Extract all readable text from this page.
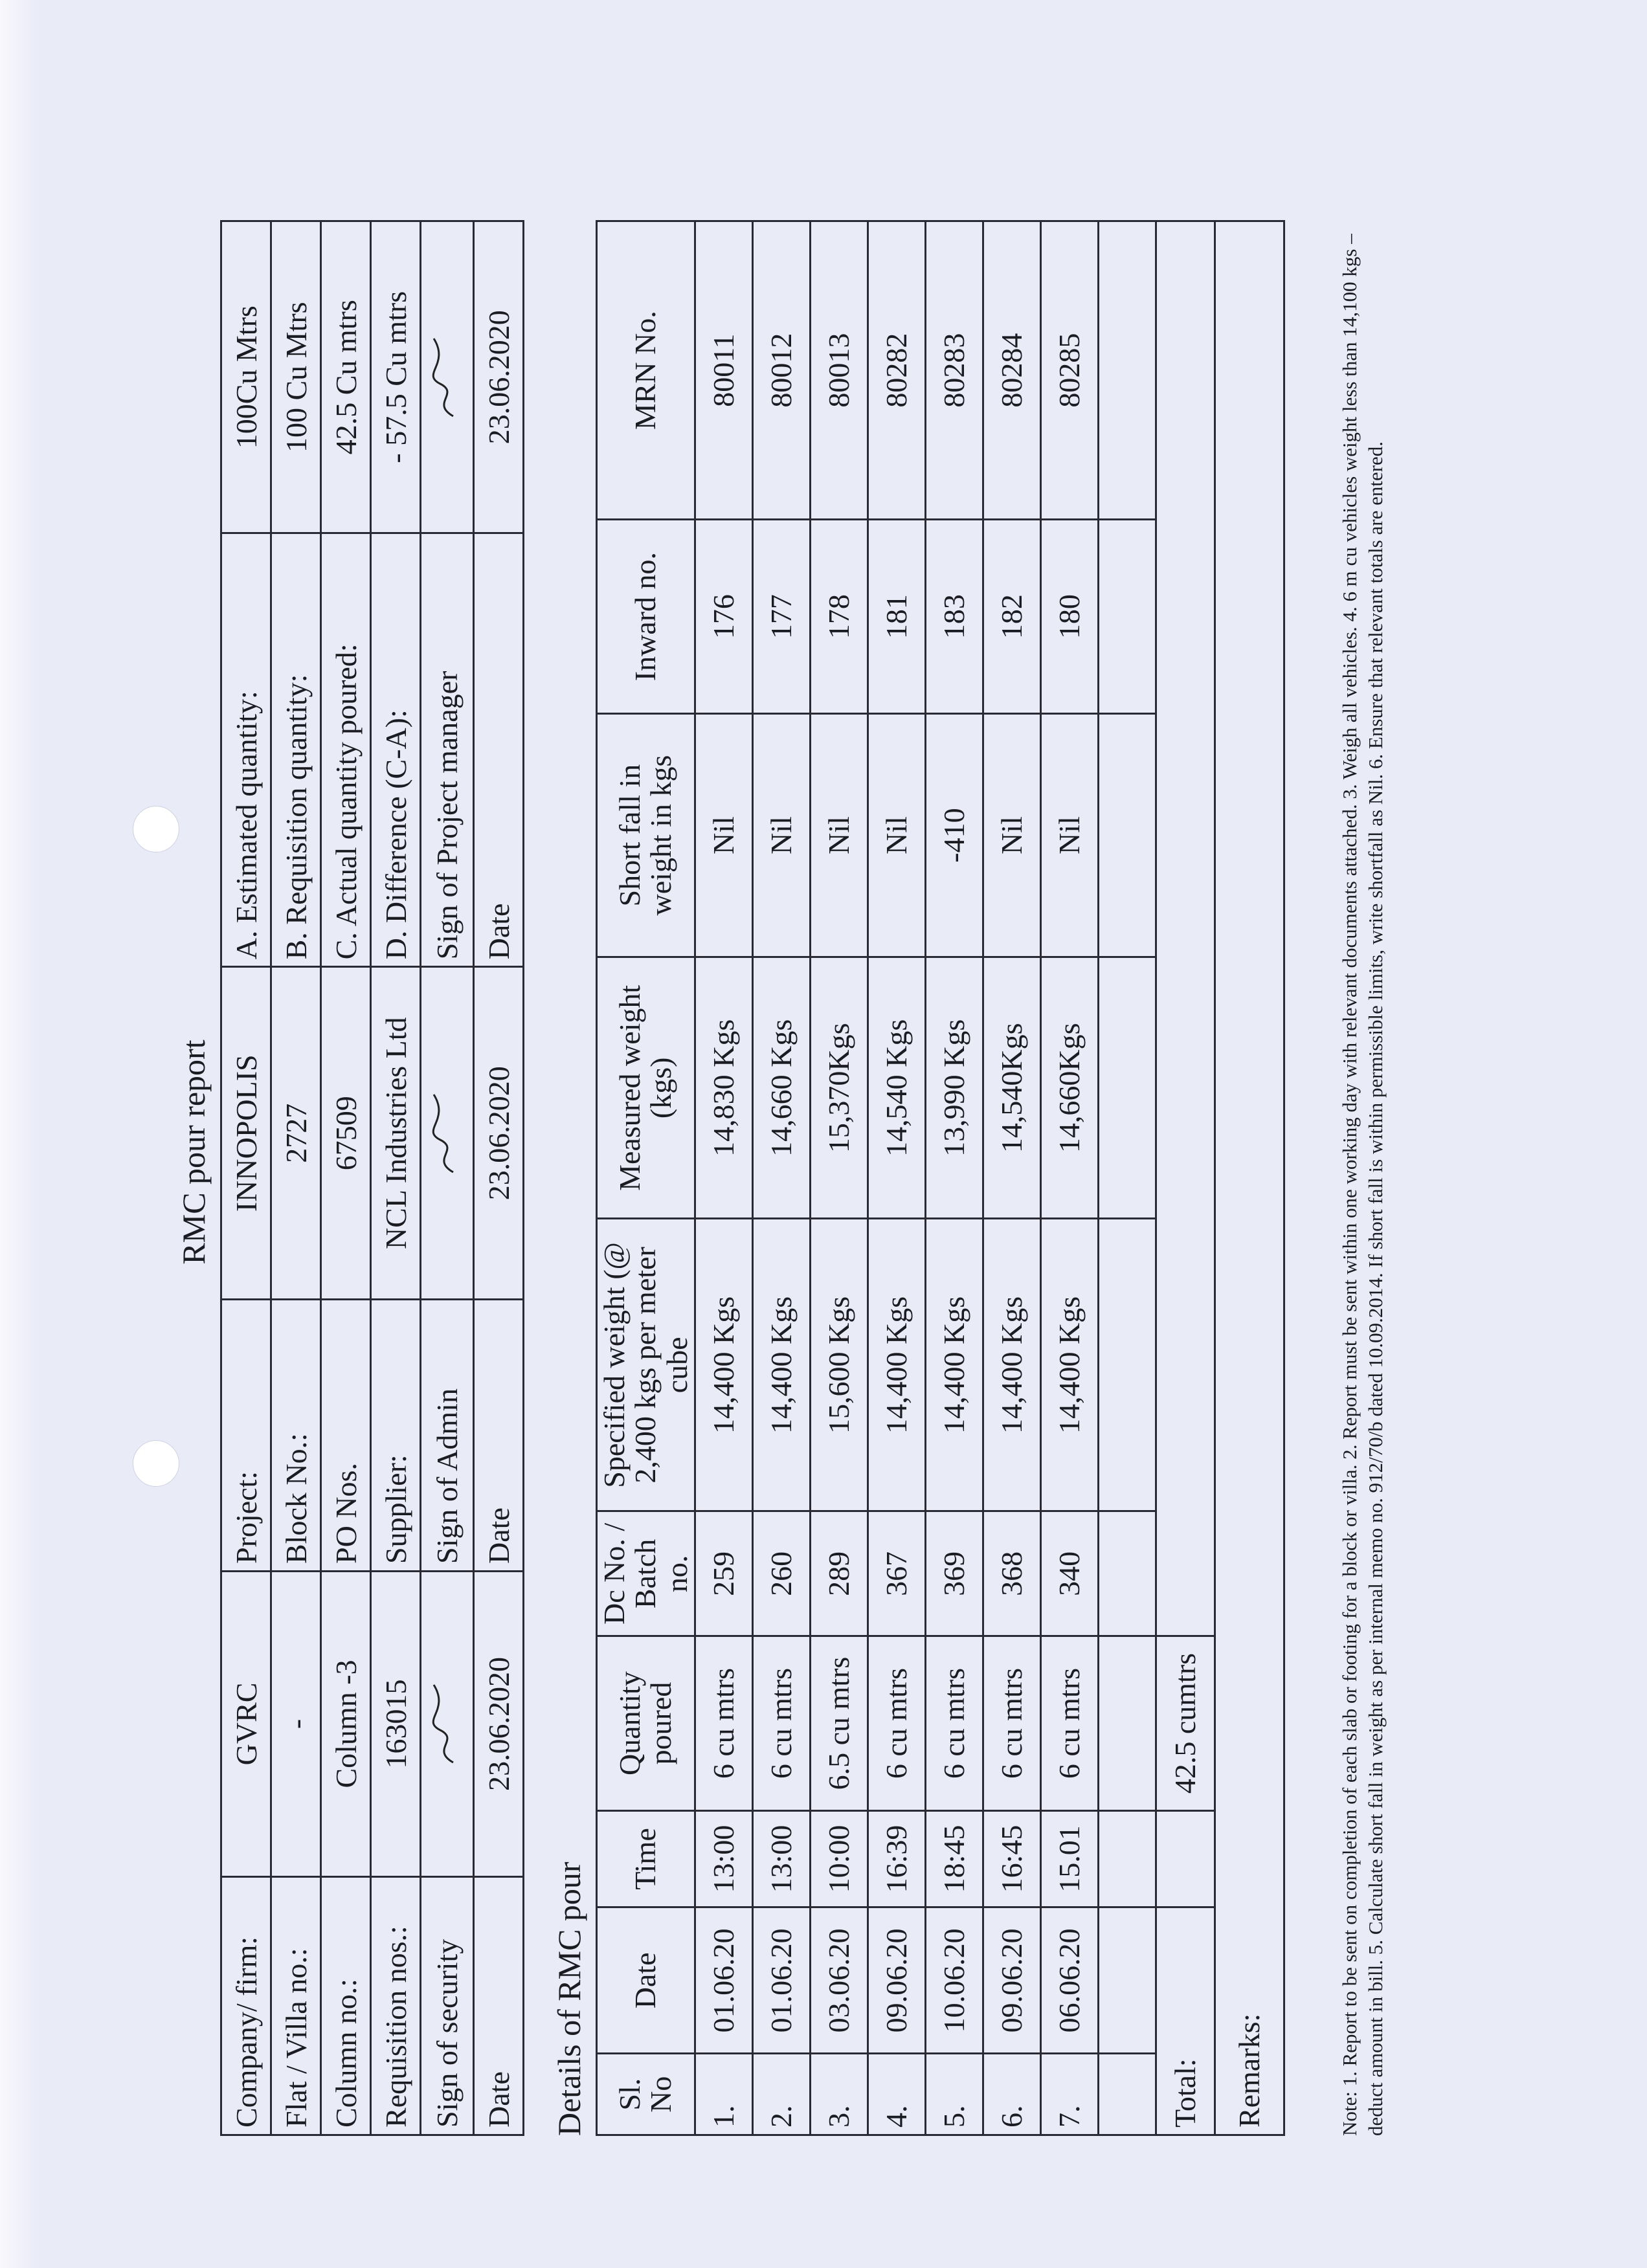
RMC pour report
Company/ firm:	GVRC	Project:	INNOPOLIS	A. Estimated quantity:	100Cu Mtrs
Flat / Villa no.:	-	Block No.:	2727	B. Requisition quantity:	100 Cu Mtrs
Column no.:	Column -3	PO Nos.	67509	C. Actual quantity poured:	42.5 Cu mtrs
Requisition nos.:	163015	Supplier:	NCL Industries Ltd	D. Difference (C-A):	- 57.5 Cu mtrs
Sign of security		Sign of Admin		Sign of Project manager	
Date	23.06.2020	Date	23.06.2020	Date	23.06.2020
Details of RMC pour Sl. No	Date	Time	Quantity poured	Dc No. / Batch no.	Specified weight (@ 2,400 kgs per meter cube	Measured weight (kgs)	Short fall in weight in kgs	Inward no.	MRN No.
1.	01.06.20	13:00	6 cu mtrs	259	14,400 Kgs	14,830 Kgs	Nil	176	80011
2.	01.06.20	13:00	6 cu mtrs	260	14,400 Kgs	14,660 Kgs	Nil	177	80012
3.	03.06.20	10:00	6.5 cu mtrs	289	15,600 Kgs	15,370Kgs	Nil	178	80013
4.	09.06.20	16:39	6 cu mtrs	367	14,400 Kgs	14,540 Kgs	Nil	181	80282
5.	10.06.20	18:45	6 cu mtrs	369	14,400 Kgs	13,990 Kgs	-410	183	80283
6.	09.06.20	16:45	6 cu mtrs	368	14,400 Kgs	14,540Kgs	Nil	182	80284
7.	06.06.20	15.01	6 cu mtrs	340	14,400 Kgs	14,660Kgs	Nil	180	80285

Total:			42.5 cumtrs						
Remarks:										Note: 1. Report to be sent on completion of each slab or footing for a block or villa. 2. Report must be sent within one working day with relevant documents attached. 3. Weigh all vehicles. 4. 6 m cu vehicles weight less than 14,100 kgs – deduct amount in bill. 5. Calculate short fall in weight as per internal memo no. 912/70/b dated 10.09.2014. If short fall is within permissible limits, write shortfall as Nil. 6. Ensure that relevant totals are entered.
